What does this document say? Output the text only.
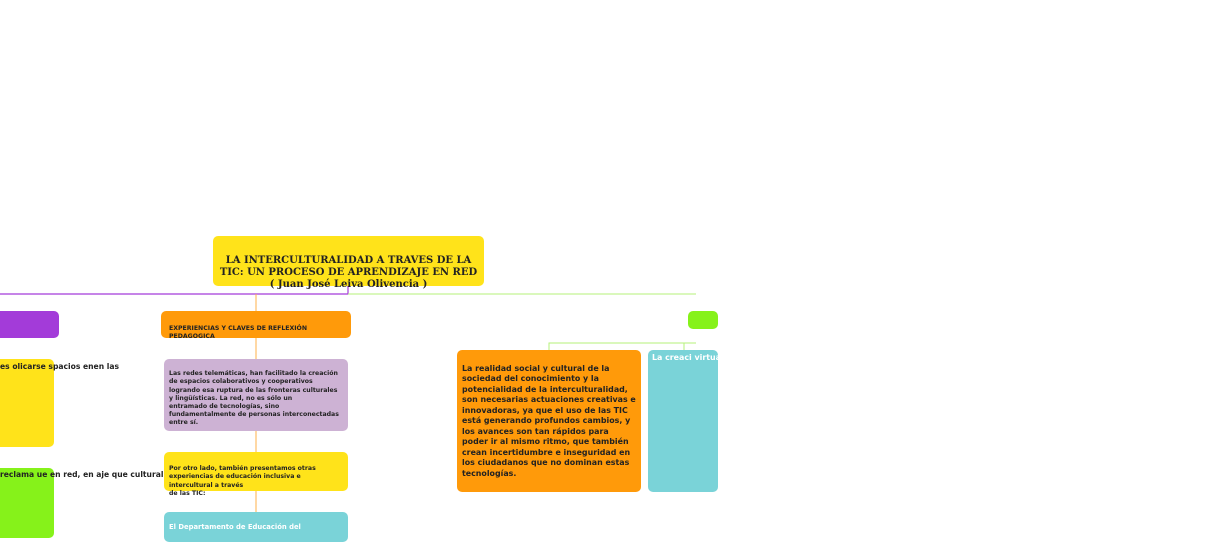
LA INTERCULTURALIDAD A TRAVES DE LA TIC: UN PROCESO DE APRENDIZAJE EN RED
( Juan José Leiva Olivencia )

EXPERIENCIAS Y CLAVES DE REFLEXIÓN PEDAGOGICA

Las redes telemáticas, han facilitado la creación de espacios colaborativos y cooperativos logrando esa ruptura de las fronteras culturales y lingüísticas. La red, no es sólo un
entramado de tecnologías, sino fundamentalmente de personas interconectadas entre sí.

Por otro lado, también presentamos otras experiencias de educación inclusiva e intercultural a través
de las TIC:

El Departamento de Educación del

La realidad social y cultural de la sociedad del conocimiento y la potencialidad de la interculturalidad, son necesarias actuaciones creativas e innovadoras, ya que el uso de las TIC está generando profundos cambios, y los avances son tan rápidos para poder ir al mismo ritmo, que también crean incertidumbre e inseguridad en los ciudadanos que no dominan estas tecnologías.

La creaci virtuales interculti espacio d para com aspiracio que lleve acordes c formativa menores la socieda serán nec competer
es olicarse spacios enen las
reclama ue en red, en aje que cultural
